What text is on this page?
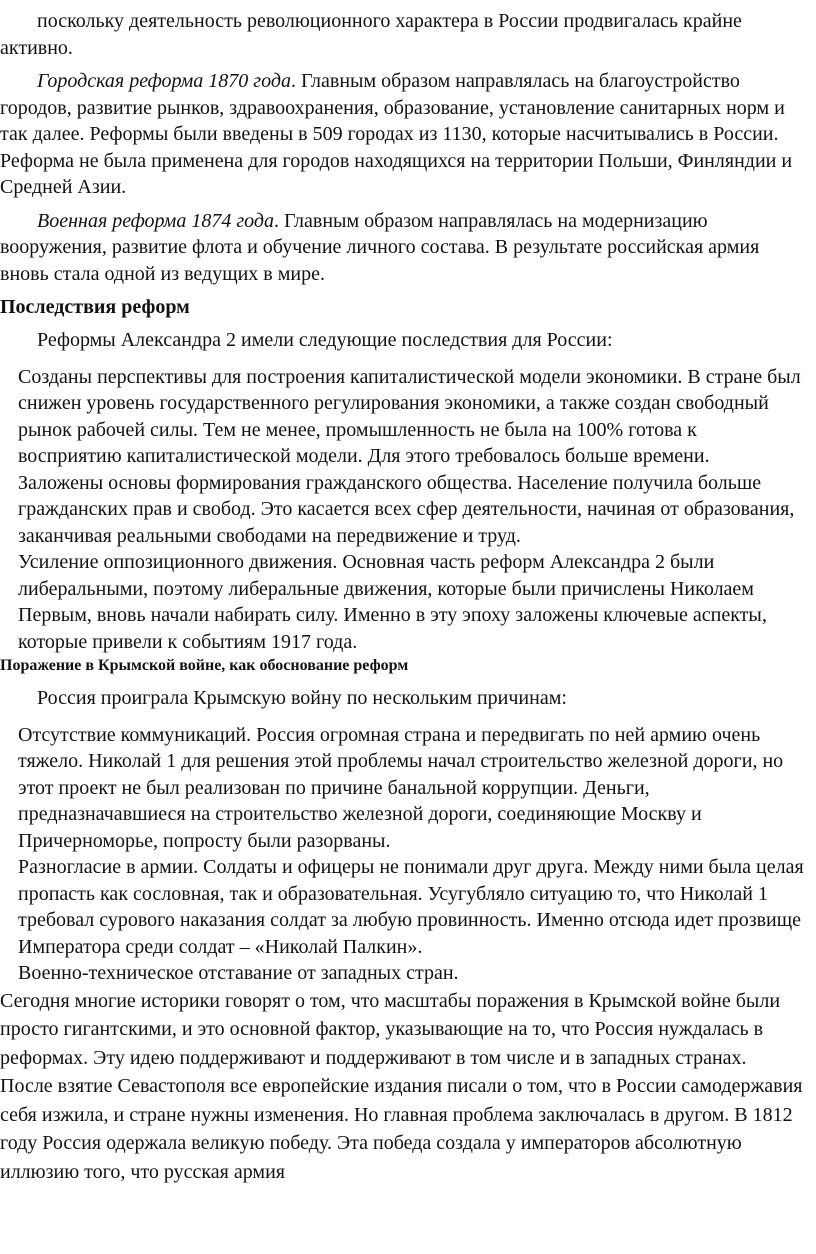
поскольку деятельность революционного характера в России продвигалась крайне активно.

Городская реформа 1870 года. Главным образом направлялась на благоустройство городов, развитие рынков, здравоохранения, образование, установление санитарных норм и так далее. Реформы были введены в 509 городах из 1130, которые насчитывались в России. Реформа не была применена для городов находящихся на территории Польши, Финляндии и Средней Азии.

Военная реформа 1874 года. Главным образом направлялась на модернизацию вооружения, развитие флота и обучение личного состава. В результате российская армия вновь стала одной из ведущих в мире.

Последствия реформ

Реформы Александра 2 имели следующие последствия для России:

Созданы перспективы для построения капиталистической модели экономики. В стране был снижен уровень государственного регулирования экономики, а также создан свободный рынок рабочей силы. Тем не менее, промышленность не была на 100% готова к восприятию капиталистической модели. Для этого требовалось больше времени.
Заложены основы формирования гражданского общества. Население получила больше гражданских прав и свобод. Это касается всех сфер деятельности, начиная от образования, заканчивая реальными свободами на передвижение и труд.
Усиление оппозиционного движения. Основная часть реформ Александра 2 были либеральными, поэтому либеральные движения, которые были причислены Николаем Первым, вновь начали набирать силу. Именно в эту эпоху заложены ключевые аспекты, которые привели к событиям 1917 года.
Поражение в Крымской войне, как обоснование реформ

Россия проиграла Крымскую войну по нескольким причинам:

Отсутствие коммуникаций. Россия огромная страна и передвигать по ней армию очень тяжело. Николай 1 для решения этой проблемы начал строительство железной дороги, но этот проект не был реализован по причине банальной коррупции. Деньги, предназначавшиеся на строительство железной дороги, соединяющие Москву и Причерноморье, попросту были разорваны.
Разногласие в армии. Солдаты и офицеры не понимали друг друга. Между ними была целая пропасть как сословная, так и образовательная. Усугубляло ситуацию то, что Николай 1 требовал сурового наказания солдат за любую провинность. Именно отсюда идет прозвище Императора среди солдат – «Николай Палкин».
Военно-техническое отставание от западных стран.

Сегодня многие историки говорят о том, что масштабы поражения в Крымской войне были просто гигантскими, и это основной фактор, указывающие на то, что Россия нуждалась в реформах. Эту идею поддерживают и поддерживают в том числе и в западных странах. После взятие Севастополя все европейские издания писали о том, что в России самодержавия себя изжила, и стране нужны изменения. Но главная проблема заключалась в другом. В 1812 году Россия одержала великую победу. Эта победа создала у императоров абсолютную иллюзию того, что русская армия
